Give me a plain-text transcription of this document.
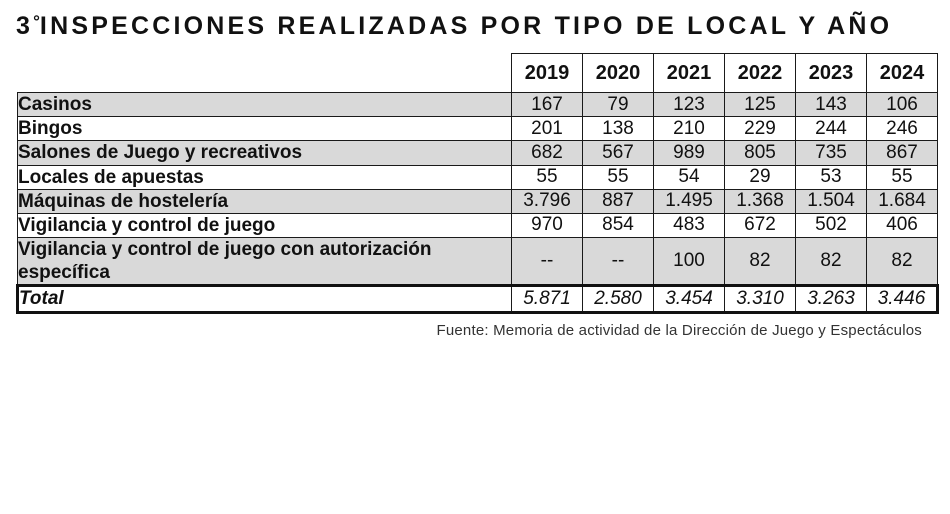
3°INSPECCIONES REALIZADAS POR TIPO DE LOCAL Y AÑO
	2019	2020	2021	2022	2023	2024
Casinos	167	79	123	125	143	106
Bingos	201	138	210	229	244	246
Salones de Juego y recreativos	682	567	989	805	735	867
Locales de apuestas	55	55	54	29	53	55
Máquinas de hostelería	3.796	887	1.495	1.368	1.504	1.684
Vigilancia y control de juego	970	854	483	672	502	406
Vigilancia y control de juego con autorización específica	--	--	100	82	82	82
Total	5.871	2.580	3.454	3.310	3.263	3.446
Fuente: Memoria de actividad de la Dirección de Juego y Espectáculos
